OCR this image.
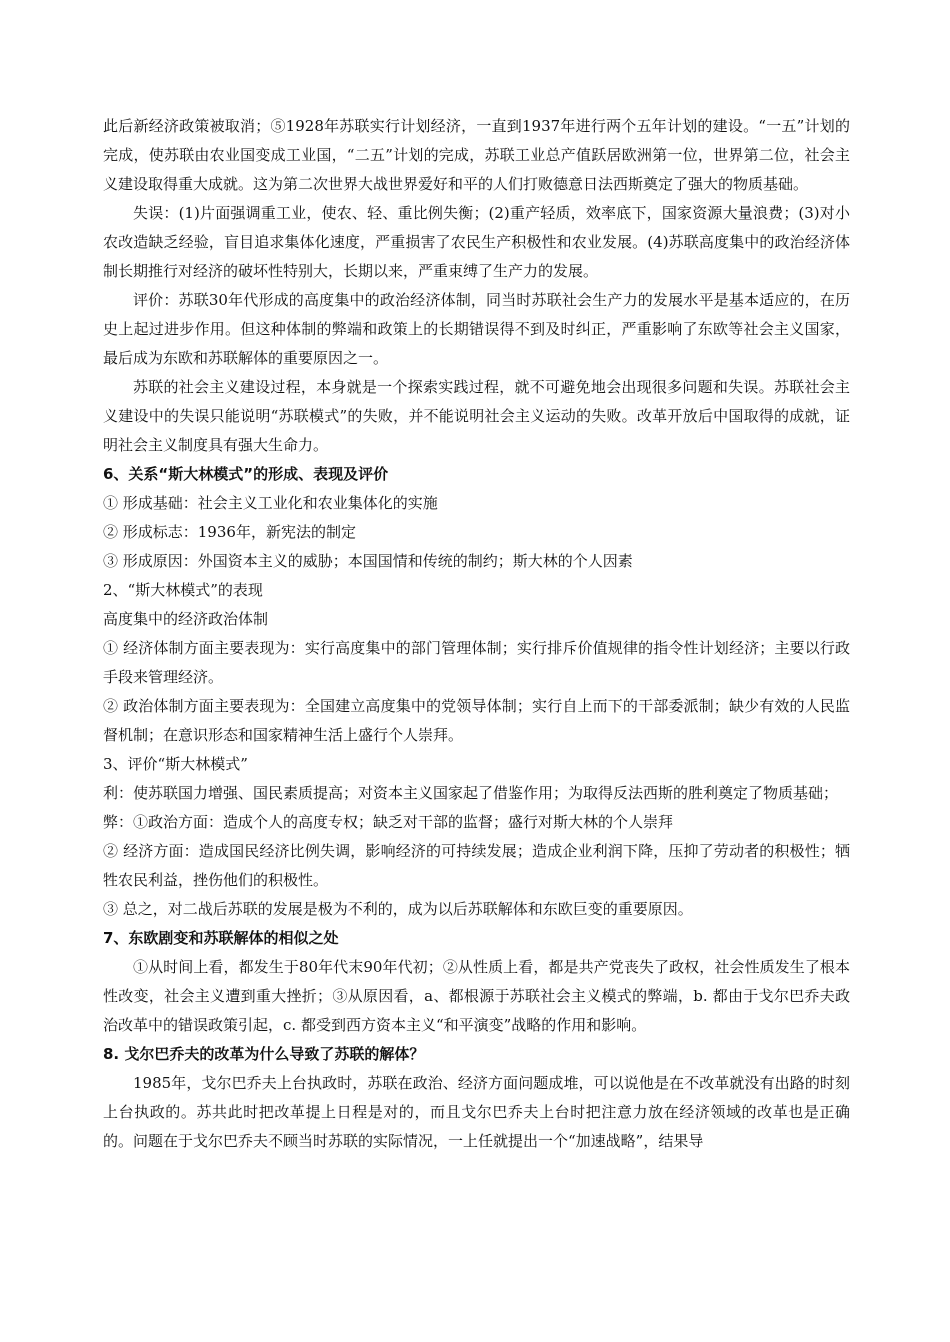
此后新经济政策被取消；⑤1928年苏联实行计划经济，一直到1937年进行两个五年计划的建设。“一五”计划的完成，使苏联由农业国变成工业国，“二五”计划的完成，苏联工业总产值跃居欧洲第一位，世界第二位，社会主义建设取得重大成就。这为第二次世界大战世界爱好和平的人们打败德意日法西斯奠定了强大的物质基础。

失误：(1)片面强调重工业，使农、轻、重比例失衡；(2)重产轻质，效率底下，国家资源大量浪费；(3)对小农改造缺乏经验，盲目追求集体化速度，严重损害了农民生产积极性和农业发展。(4)苏联高度集中的政治经济体制长期推行对经济的破坏性特别大，长期以来，严重束缚了生产力的发展。

评价：苏联30年代形成的高度集中的政治经济体制，同当时苏联社会生产力的发展水平是基本适应的，在历史上起过进步作用。但这种体制的弊端和政策上的长期错误得不到及时纠正，严重影响了东欧等社会主义国家，最后成为东欧和苏联解体的重要原因之一。

苏联的社会主义建设过程，本身就是一个探索实践过程，就不可避免地会出现很多问题和失误。苏联社会主义建设中的失误只能说明“苏联模式”的失败，并不能说明社会主义运动的失败。改革开放后中国取得的成就，证明社会主义制度具有强大生命力。

6、关系“斯大林模式”的形成、表现及评价

① 形成基础：社会主义工业化和农业集体化的实施

② 形成标志：1936年，新宪法的制定

③ 形成原因：外国资本主义的威胁；本国国情和传统的制约；斯大林的个人因素

2、“斯大林模式”的表现

高度集中的经济政治体制

① 经济体制方面主要表现为：实行高度集中的部门管理体制；实行排斥价值规律的指令性计划经济；主要以行政手段来管理经济。

② 政治体制方面主要表现为：全国建立高度集中的党领导体制；实行自上而下的干部委派制；缺少有效的人民监督机制；在意识形态和国家精神生活上盛行个人崇拜。

3、评价“斯大林模式”

利：使苏联国力增强、国民素质提高；对资本主义国家起了借鉴作用；为取得反法西斯的胜利奠定了物质基础；

弊：①政治方面：造成个人的高度专权；缺乏对干部的监督；盛行对斯大林的个人崇拜

② 经济方面：造成国民经济比例失调，影响经济的可持续发展；造成企业利润下降，压抑了劳动者的积极性；牺牲农民利益，挫伤他们的积极性。

③ 总之，对二战后苏联的发展是极为不利的，成为以后苏联解体和东欧巨变的重要原因。

7、东欧剧变和苏联解体的相似之处

①从时间上看，都发生于80年代末90年代初；②从性质上看，都是共产党丧失了政权，社会性质发生了根本性改变，社会主义遭到重大挫折；③从原因看，a、都根源于苏联社会主义模式的弊端，b. 都由于戈尔巴乔夫政治改革中的错误政策引起，c. 都受到西方资本主义“和平演变”战略的作用和影响。

8. 戈尔巴乔夫的改革为什么导致了苏联的解体？

1985年，戈尔巴乔夫上台执政时，苏联在政治、经济方面问题成堆，可以说他是在不改革就没有出路的时刻上台执政的。苏共此时把改革提上日程是对的，而且戈尔巴乔夫上台时把注意力放在经济领域的改革也是正确的。问题在于戈尔巴乔夫不顾当时苏联的实际情况，一上任就提出一个“加速战略”，结果导
